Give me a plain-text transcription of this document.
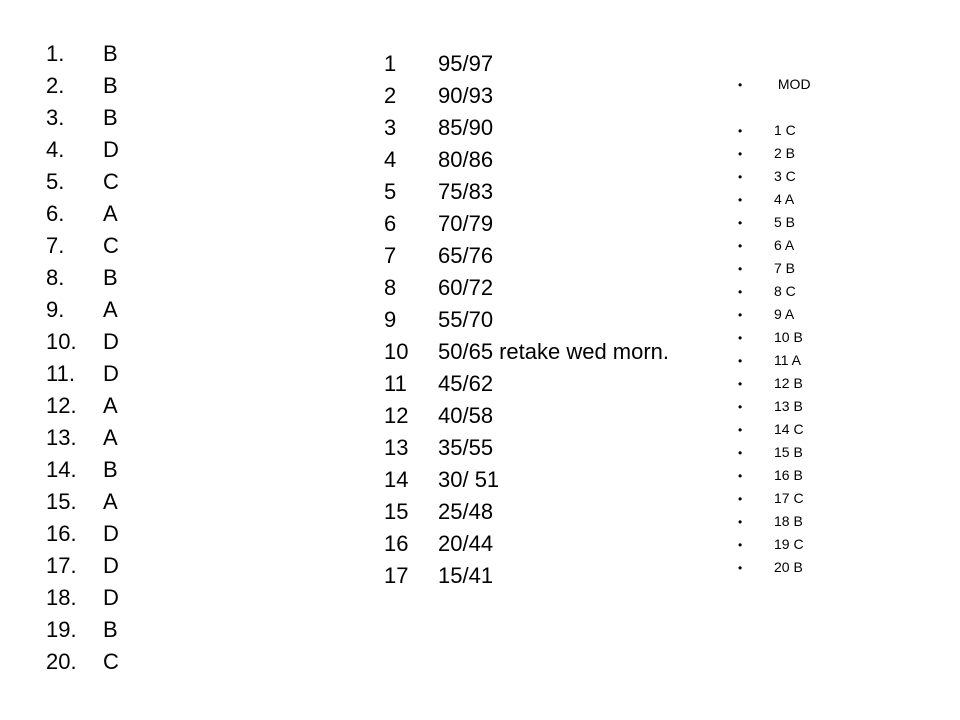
1. B
2. B
3. B
4. D
5. C
6. A
7. C
8. B
9. A
10. D
11. D
12. A
13. A
14. B
15. A
16. D
17. D
18. D
19. B
20. C
1 95/97
2 90/93
3 85/90
4 80/86
5 75/83
6 70/79
7 65/76
8 60/72
9 55/70
10 50/65 retake wed morn.
11 45/62
12 40/58
13 35/55
14 30/ 51
15 25/48
16 20/44
17 15/41
•	MOD
• 1 C
• 2 B
• 3 C
• 4 A
• 5 B
• 6 A
• 7 B
• 8 C
• 9 A
• 10 B
• 11 A
• 12 B
• 13 B
• 14 C
• 15 B
• 16 B
• 17 C
• 18 B
• 19 C
• 20 B
